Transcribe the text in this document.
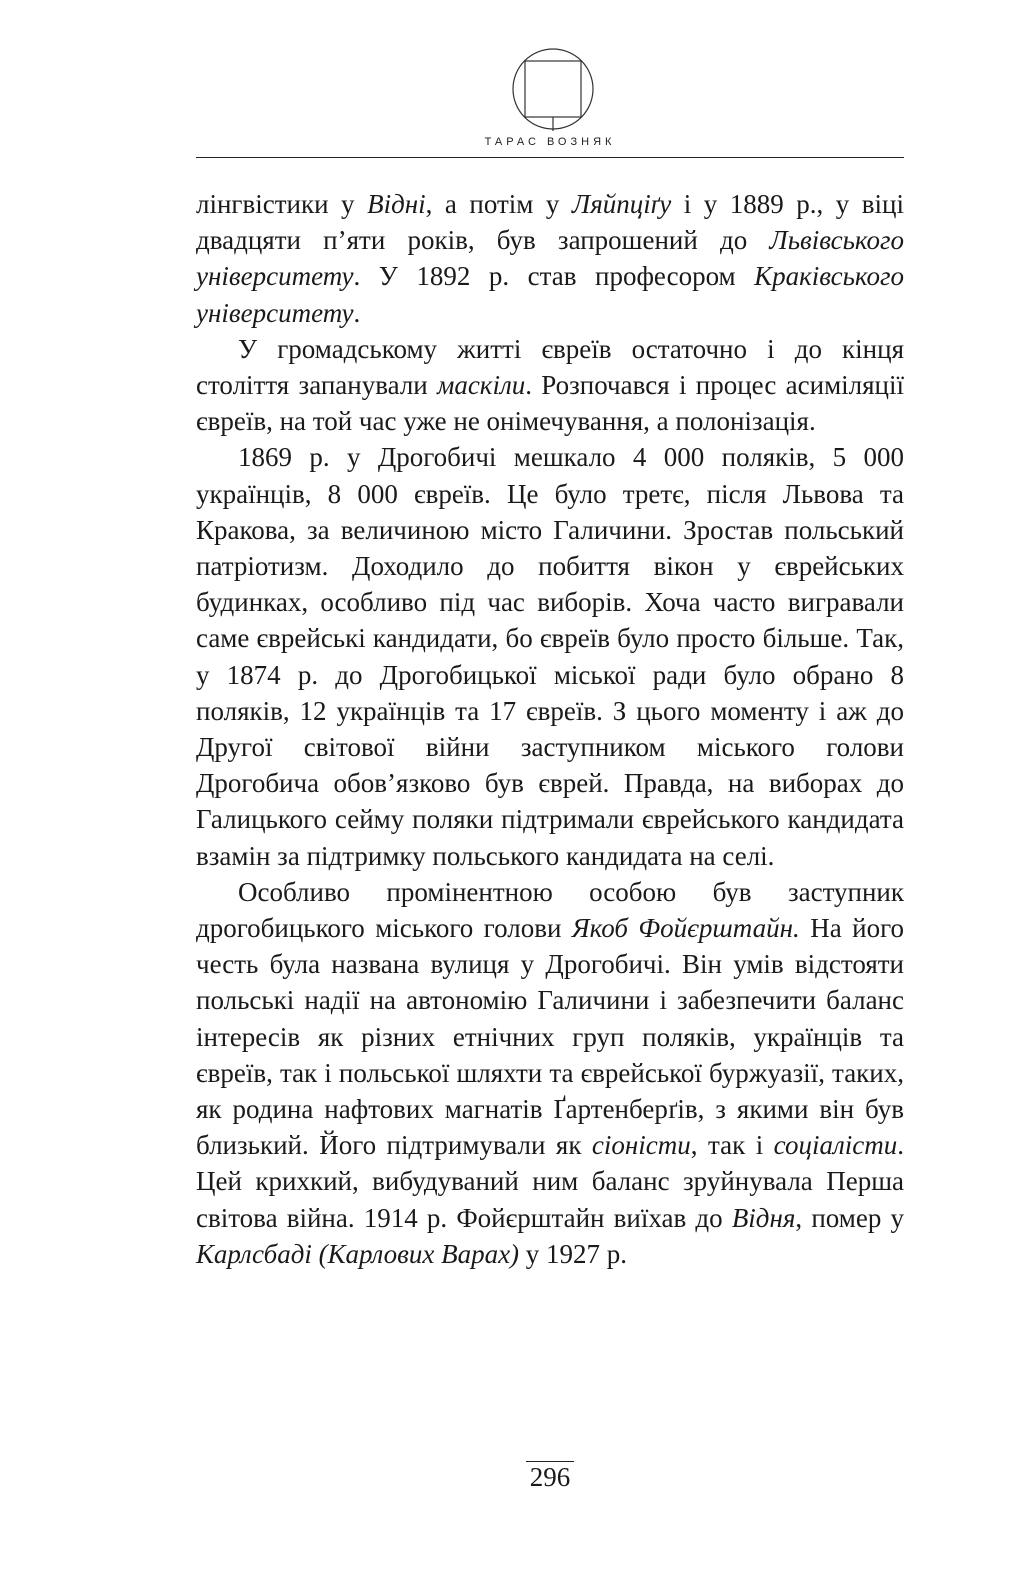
ТАРАС ВОЗНЯК

лінгвістики у Відні, а потім у Ляйпціґу і у 1889 р., у віці двадцяти п’яти років, був запрошений до Львівського університету. У 1892 р. став професором Краківського університету.

У громадському житті євреїв остаточно і до кінця століття запанували маскіли. Розпочався і процес асиміляції євреїв, на той час уже не онімечування, а полонізація.

1869 р. у Дрогобичі мешкало 4 000 поляків, 5 000 українців, 8 000 євреїв. Це було третє, після Львова та Кракова, за величиною місто Галичини. Зростав польський патріотизм. Доходило до побиття вікон у єврейських будинках, особливо під час виборів. Хоча часто вигравали саме єврейські кандидати, бо євреїв було просто більше. Так, у 1874 р. до Дрогобицької міської ради було обрано 8 поляків, 12 українців та 17 євреїв. З цього моменту і аж до Другої світової війни заступником міського голови Дрогобича обов’язково був єврей. Правда, на виборах до Галицького сейму поляки підтримали єврейського кандидата взамін за підтримку польського кандидата на селі.

Особливо промінентною особою був заступник дрогобицького міського голови Якоб Фойєрштайн. На його честь була названа вулиця у Дрогобичі. Він умів відстояти польські надії на автономію Галичини і забезпечити баланс інтересів як різних етнічних груп поляків, українців та євреїв, так і польської шляхти та єврейської буржуазії, таких, як родина нафтових магнатів Ґартенберґів, з якими він був близький. Його підтримували як сіоністи, так і соціалісти. Цей крихкий, вибудуваний ним баланс зруйнувала Перша світова війна. 1914 р. Фойєрштайн виїхав до Відня, помер у Карлсбаді (Карлових Варах) у 1927 р.

296
